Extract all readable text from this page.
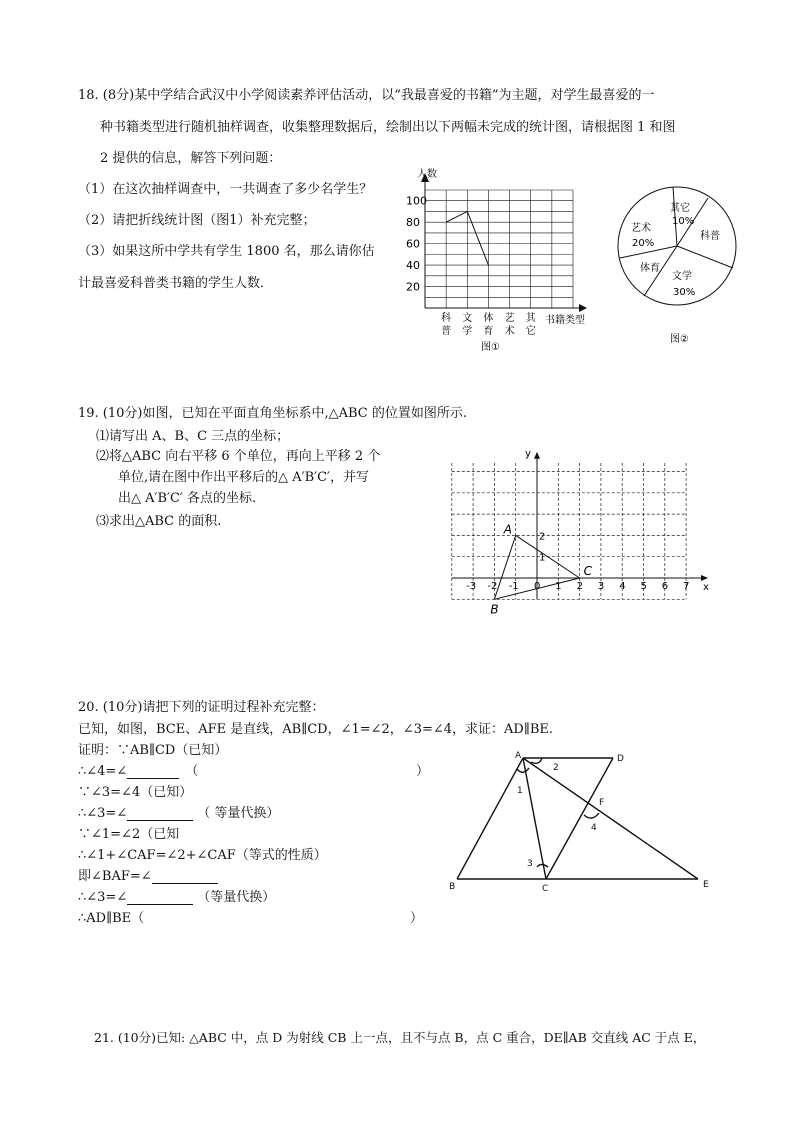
18. (8分)某中学结合武汉中小学阅读素养评估活动，以“我最喜爱的书籍”为主题，对学生最喜爱的一
种书籍类型进行随机抽样调查，收集整理数据后，绘制出以下两幅未完成的统计图，请根据图 1 和图
2 提供的信息，解答下列问题：
（1）在这次抽样调查中，一共调查了多少名学生？
（2）请把折线统计图（图1）补充完整；
（3）如果这所中学共有学生 1800 名，那么请你估
计最喜爱科普类书籍的学生人数．
人数
书籍类型
20
40
60
80
100
科
普
文
学
体
育
艺
术
其
它
图①
其它
10%
科普
艺术
20%
体育
文学
30%
图②
19. (10分)如图，已知在平面直角坐标系中,△ABC 的位置如图所示.
⑴请写出 A、B、C 三点的坐标；
⑵将△ABC 向右平移 6 个单位，再向上平移 2 个
单位,请在图中作出平移后的△ A′B′C′，并写
出△ A′B′C′ 各点的坐标.
⑶求出△ABC 的面积.
x
y
-3 -2 -1 0 1 2 3 4 5 6 7
1
2
A
B
C
20. (10分)请把下列的证明过程补充完整：
已知，如图，BCE、AFE 是直线，AB∥CD，∠1=∠2，∠3=∠4，求证：AD∥BE.
证明：∵AB∥CD（已知）
∴∠4=∠	（	）
∵∠3=∠4（已知）
∴∠3=∠	（ 等量代换）
∵∠1=∠2（已知
∴∠1+∠CAF=∠2+∠CAF（等式的性质）
即∠BAF=∠
∴∠3=∠	（等量代换）
∴AD∥BE（	）
A
B	C
D
E
F
1
2
3
4
21. (10分)已知: △ABC 中，点 D 为射线 CB 上一点，且不与点 B，点 C 重合，DE∥AB 交直线 AC 于点 E，
